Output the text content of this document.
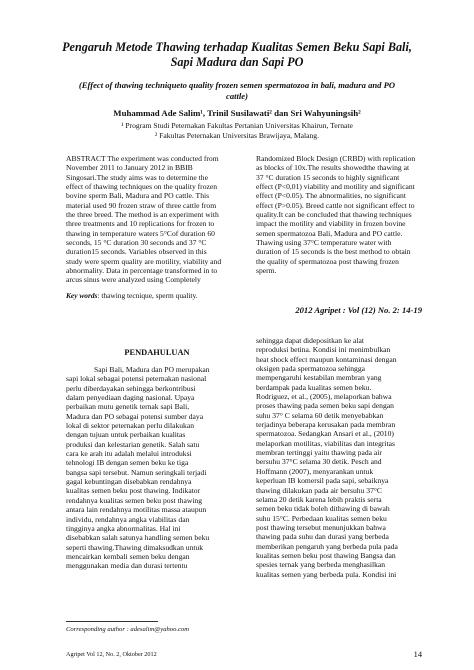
Pengaruh Metode Thawing terhadap Kualitas Semen Beku Sapi Bali,
Sapi Madura dan Sapi PO
(Effect of thawing techniqueto quality frozen semen spermatozoa in bali, madura and PO
cattle)
Muhammad Ade Salim¹, Trinil Susilawati² dan Sri Wahyuningsih²
¹ Program Studi Peternakan Fakultas Pertanian Universitas Khairun, Ternate
² Fakultas Peternakan Universitas Brawijaya, Malang.
ABSTRACT The experiment was conducted from
November 2011 to January 2012 in BBIB
Singosari.The study aims was to determine the
effect of thawing techniques on the quality frozen
bovine sperm Bali, Madura and PO cattle. This
material used 90 frozen straw of three cattle from
the three breed. The method is an experiment with
three treatments and 10 replications for frozen to
thawing in temperature waters 5°Cof duration 60
seconds, 15 °C duration 30 seconds and 37 °C
duration15 seconds. Variables observed in this
study were sperm quality are motility, viability and
abnormality. Data in percentage transformed in to
arcus sinus were analyzed using Completely
Randomized Block Design (CRBD) with replication
as blocks of 10x.The results showedthe thawing at
37 °C duration 15 seconds to highly significant
effect (P<0,01) viability and motility and significant
effect (P<0.05). The abnormalities, no significant
effect (P>0.05). Breed cattle not significant effect to
quality.It can be concluded that thawing techniques
impact the motility and viability in frozen bovine
semen spermatozoa Bali, Madura and PO cattle.
Thawing using 37°C temperature water with
duration of 15 seconds is the best method to obtain
the quality of spermatozoa post thawing frozen
sperm.
Key words: thawing tecnique, sperm quality.
2012 Agripet : Vol (12) No. 2: 14-19
PENDAHULUAN
Sapi Bali, Madura dan PO merupakan
sapi lokal sebagai potensi peternakan nasional
perlu diberdayakan sehingga berkontribusi
dalam penyediaan daging nasional. Upaya
perbaikan mutu genetik ternak sapi Bali,
Madura dan PO sebagai potensi sumber daya
lokal di sektor peternakan perlu dilakukan
dengan tujuan untuk perbaikan kualitas
produksi dan kelestarian genetik. Salah satu
cara ke arah itu adalah melalui introduksi
tehnologi IB dengan semen beku ke tiga
bangsa sapi tersebut. Namun seringkali terjadi
gagal kebuntingan disebabkan rendahnya
kualitas semen beku post thawing. Indikator
rendahnya kualitas semen beku post thawing
antara lain rendahnya motilitas massa ataupun
individu, rendahnya angka viabilitas dan
tingginya angka abnormalitas. Hal ini
disebabkan salah satunya handling semen beku
seperti thawing.Thawing dimaksudkan untuk
mencairkan kembali semen beku dengan
menggunakan media dan durasi tertentu
sehingga dapat didepositkan ke alat
reproduksi betina. Kondisi ini menimbulkan
heat shock effect maupun kontaminasi dengan
oksigen pada spermatozoa sehingga
mempengaruhi kestabilan membran yang
berdampak pada kualitas semen beku.
Rodriguez, et al., (2005), melaporkan bahwa
proses thawing pada semen beku sapi dengan
suhu 37° C selama 60 detik menyebabkan
terjadinya beberapa kerusakan pada membran
spermatozoa. Sedangkan Ansari et al., (2010)
melaporkan motilitas, viabilitas dan integritas
membran tertinggi yaitu thawing pada air
bersuhu 37°C selama 30 detik. Pesch and
Hoffmann (2007), menyarankan untuk
keperluan IB komersil pada sapi, sebaiknya
thawing dilakukan pada air bersuhu 37°C
selama 20 detik karena lebih praktis serta
semen beku tidak boleh dithawing di bawah
suhu 15°C. Perbedaan kualitas semen beku
post thawing tersebut menunjukkan bahwa
thawing pada suhu dan durasi yang berbeda
memberikan pengaruh yang berbeda pula pada
kualitas semen beku post thawing Bangsa dan
spesies ternak yang berbeda menghasilkan
kualitas semen yang berbeda pula. Kondisi ini
Corresponding author : adesalim@yahoo.com
Agripet Vol 12, No. 2, Oktober 2012	14
